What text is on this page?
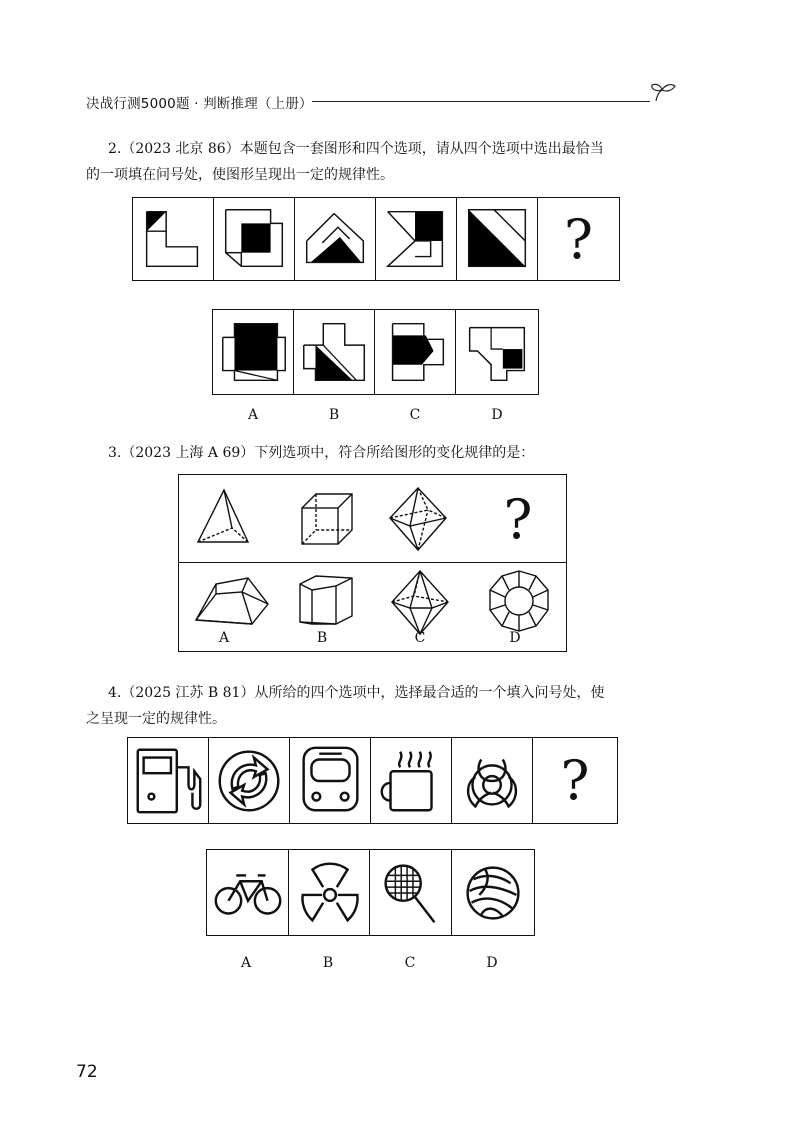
决战行测5000题 · 判断推理（上册）
2.（2023 北京 86）本题包含一套图形和四个选项，请从四个选项中选出最恰当
的一项填在问号处，使图形呈现出一定的规律性。
?
A	B	C	D
3.（2023 上海 A 69）下列选项中，符合所给图形的变化规律的是：
?
A	B	C	D
4.（2025 江苏 B 81）从所给的四个选项中，选择最合适的一个填入问号处，使
之呈现一定的规律性。
?
A	B	C	D
72
